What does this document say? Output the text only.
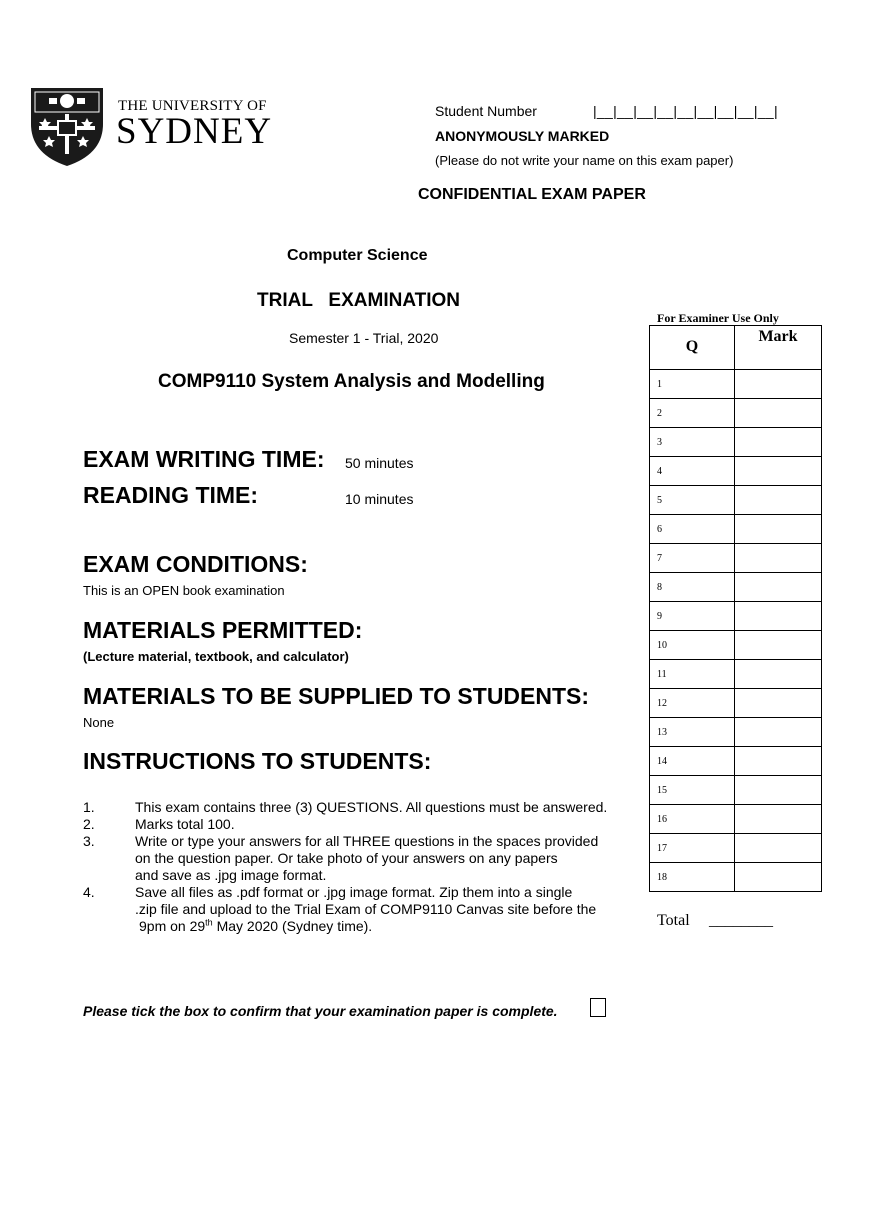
THE UNIVERSITY OF
SYDNEY	Student Number	|__|__|__|__|__|__|__|__|__|
ANONYMOUSLY MARKED
(Please do not write your name on this exam paper)
CONFIDENTIAL EXAM PAPER
Computer Science
TRIAL   EXAMINATION
Semester 1 - Trial, 2020
COMP9110 System Analysis and Modelling
EXAM WRITING TIME: 50 minutes
READING TIME:	10 minutes
EXAM CONDITIONS:
This is an OPEN book examination
MATERIALS PERMITTED:
(Lecture material, textbook, and calculator)
MATERIALS TO BE SUPPLIED TO STUDENTS:
None
INSTRUCTIONS TO STUDENTS:
1.	This exam contains three (3) QUESTIONS. All questions must be answered.
2.	Marks total 100.
3.	Write or type your answers for all THREE questions in the spaces provided
on the question paper. Or take photo of your answers on any papers
and save as .jpg image format.
4.	Save all files as .pdf format or .jpg image format. Zip them into a single
.zip file and upload to the Trial Exam of COMP9110 Canvas site before the
9pm on 29th May 2020 (Sydney time).
Please tick the box to confirm that your examination paper is complete.
For Examiner Use Only
Q	Mark
1	
2	
3	
4	
5	
6	
7	
8	
9	
10	
11	
12	
13	
14	
15	
16	
17	
18	
Total ________
